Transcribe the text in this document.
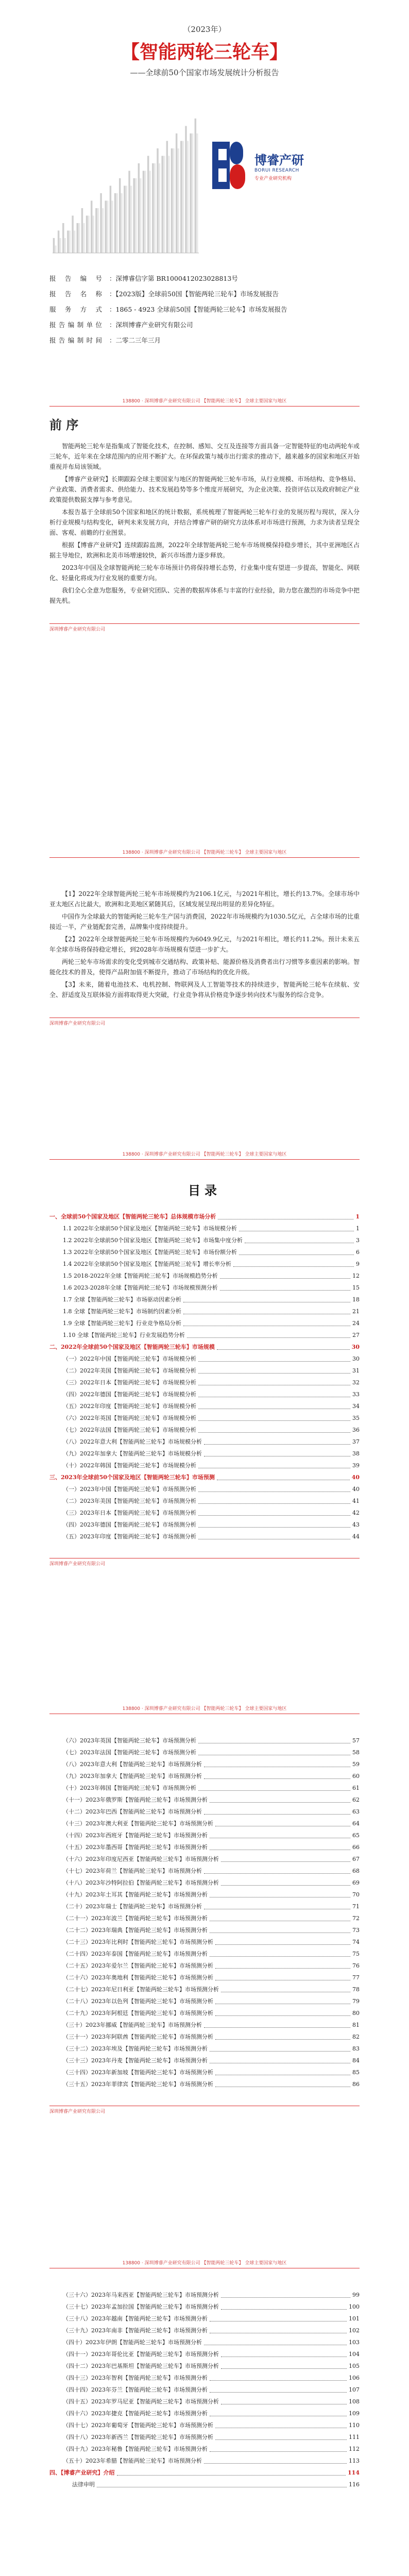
（2023年）
【智能两轮三轮车】
——全球前50个国家市场发展统计分析报告
博睿产研
BORUI RESEARCH
专业产业研究机构
报　告　编　号 ：深博睿信字第 BR1000412023028813号
报 告 名 称 ：【2023版】全球前50国【智能两轮三轮车】市场发展报告
服　务　方　式 ：1865 - 4923 全球前50国【智能两轮三轮车】市场发展报告
报告编制单位 ：深圳博睿产业研究有限公司
报告编制时间 ：二零二三年三月
138800 · 深圳博睿产业研究有限公司 【智能两轮三轮车】 全球主要国家与地区
前 序

智能两轮三轮车是指集成了智能化技术，在控制、感知、交互及连接等方面具备一定智能特征的电动两轮车或三轮车，近年来在全球范围内的应用不断扩大。在环保政策与城市出行需求的推动下，越来越多的国家和地区开始重视并布局该领域。

【博睿产业研究】长期跟踪全球主要国家与地区的智能两轮三轮车市场，从行业规模、市场结构、竞争格局、产业政策、消费者需求、供给能力、技术发展趋势等多个维度开展研究，为企业决策、投资评估以及政府制定产业政策提供数据支撑与参考意见。

本报告基于全球前50个国家和地区的统计数据，系统梳理了智能两轮三轮车行业的发展历程与现状，深入分析行业规模与结构变化，研判未来发展方向，并结合博睿产研的研究方法体系对市场进行预测，力求为读者呈现全面、客观、前瞻的行业图景。

根据【博睿产业研究】连续跟踪监测，2022年全球智能两轮三轮车市场规模保持稳步增长，其中亚洲地区占据主导地位，欧洲和北美市场增速较快，新兴市场潜力逐步释放。

2023年中国及全球智能两轮三轮车市场预计仍将保持增长态势，行业集中度有望进一步提高，智能化、网联化、轻量化将成为行业发展的重要方向。

我们全心全意为您服务，专业研究团队、完善的数据库体系与丰富的行业经验，助力您在激烈的市场竞争中把握先机。

深圳博睿产业研究有限公司
138800 · 深圳博睿产业研究有限公司 【智能两轮三轮车】 全球主要国家与地区

【1】2022年全球智能两轮三轮车市场规模约为2106.1亿元，与2021年相比，增长约13.7%。全球市场中亚太地区占比最大，欧洲和北美地区紧随其后，区域发展呈现出明显的差异化特征。

中国作为全球最大的智能两轮三轮车生产国与消费国，2022年市场规模约为1030.5亿元，占全球市场的比重接近一半，产业链配套完善，品牌集中度持续提升。

【2】2022年全球智能两轮三轮车市场规模约为6049.9亿元，与2021年相比，增长约11.2%。预计未来五年全球市场将保持稳定增长，到2028年市场规模有望进一步扩大。

两轮三轮车市场需求的变化受到城市交通结构、政策补贴、能源价格及消费者出行习惯等多重因素的影响。智能化技术的普及，使得产品附加值不断提升，推动了市场结构的优化升级。

【3】未来，随着电池技术、电机控制、物联网及人工智能等技术的持续进步，智能两轮三轮车在续航、安全、舒适度及互联体验方面将取得更大突破，行业竞争将从价格竞争逐步转向技术与服务的综合竞争。

深圳博睿产业研究有限公司
138800 · 深圳博睿产业研究有限公司 【智能两轮三轮车】 全球主要国家与地区
目录
一、全球前50个国家及地区【智能两轮三轮车】总体规模市场分析	1
1.1 2022年全球前50个国家及地区【智能两轮三轮车】市场规模分析	1
1.2 2022年全球前50个国家及地区【智能两轮三轮车】市场集中度分析	3
1.3 2022年全球前50个国家及地区【智能两轮三轮车】市场份额分析	6
1.4 2022年全球前50个国家及地区【智能两轮三轮车】增长率分析	9
1.5 2018-2022年全球【智能两轮三轮车】市场规模趋势分析	12
1.6 2023-2028年全球【智能两轮三轮车】市场规模预测分析	15
1.7 全球【智能两轮三轮车】市场驱动因素分析	18
1.8 全球【智能两轮三轮车】市场制约因素分析	21
1.9 全球【智能两轮三轮车】行业竞争格局分析	24
1.10 全球【智能两轮三轮车】行业发展趋势分析	27
二、2022年全球前50个国家及地区【智能两轮三轮车】市场规模	30
（一）2022年中国【智能两轮三轮车】市场规模分析	30
（二）2022年美国【智能两轮三轮车】市场规模分析	31
（三）2022年日本【智能两轮三轮车】市场规模分析	32
（四）2022年德国【智能两轮三轮车】市场规模分析	33
（五）2022年印度【智能两轮三轮车】市场规模分析	34
（六）2022年英国【智能两轮三轮车】市场规模分析	35
（七）2022年法国【智能两轮三轮车】市场规模分析	36
（八）2022年意大利【智能两轮三轮车】市场规模分析	37
（九）2022年加拿大【智能两轮三轮车】市场规模分析	38
（十）2022年韩国【智能两轮三轮车】市场规模分析	39
三、2023年全球前50个国家及地区【智能两轮三轮车】市场预测	40
（一）2023年中国【智能两轮三轮车】市场预测分析	40
（二）2023年美国【智能两轮三轮车】市场预测分析	41
（三）2023年日本【智能两轮三轮车】市场预测分析	42
（四）2023年德国【智能两轮三轮车】市场预测分析	43
（五）2023年印度【智能两轮三轮车】市场预测分析	44
深圳博睿产业研究有限公司
138800 · 深圳博睿产业研究有限公司 【智能两轮三轮车】 全球主要国家与地区
（六）2023年英国【智能两轮三轮车】市场预测分析	57
（七）2023年法国【智能两轮三轮车】市场预测分析	58
（八）2023年意大利【智能两轮三轮车】市场预测分析	59
（九）2023年加拿大【智能两轮三轮车】市场预测分析	60
（十）2023年韩国【智能两轮三轮车】市场预测分析	61
（十一）2023年俄罗斯【智能两轮三轮车】市场预测分析	62
（十二）2023年巴西【智能两轮三轮车】市场预测分析	63
（十三）2023年澳大利亚【智能两轮三轮车】市场预测分析	64
（十四）2023年西班牙【智能两轮三轮车】市场预测分析	65
（十五）2023年墨西哥【智能两轮三轮车】市场预测分析	66
（十六）2023年印度尼西亚【智能两轮三轮车】市场预测分析	67
（十七）2023年荷兰【智能两轮三轮车】市场预测分析	68
（十八）2023年沙特阿拉伯【智能两轮三轮车】市场预测分析	69
（十九）2023年土耳其【智能两轮三轮车】市场预测分析	70
（二十）2023年瑞士【智能两轮三轮车】市场预测分析	71
（二十一）2023年波兰【智能两轮三轮车】市场预测分析	72
（二十二）2023年瑞典【智能两轮三轮车】市场预测分析	73
（二十三）2023年比利时【智能两轮三轮车】市场预测分析	74
（二十四）2023年泰国【智能两轮三轮车】市场预测分析	75
（二十五）2023年爱尔兰【智能两轮三轮车】市场预测分析	76
（二十六）2023年奥地利【智能两轮三轮车】市场预测分析	77
（二十七）2023年尼日利亚【智能两轮三轮车】市场预测分析	78
（二十八）2023年以色列【智能两轮三轮车】市场预测分析	79
（二十九）2023年阿根廷【智能两轮三轮车】市场预测分析	80
（三十）2023年挪威【智能两轮三轮车】市场预测分析	81
（三十一）2023年阿联酋【智能两轮三轮车】市场预测分析	82
（三十二）2023年埃及【智能两轮三轮车】市场预测分析	83
（三十三）2023年丹麦【智能两轮三轮车】市场预测分析	84
（三十四）2023年新加坡【智能两轮三轮车】市场预测分析	85
（三十五）2023年菲律宾【智能两轮三轮车】市场预测分析	86
深圳博睿产业研究有限公司
138800 · 深圳博睿产业研究有限公司 【智能两轮三轮车】 全球主要国家与地区
（三十六）2023年马来西亚【智能两轮三轮车】市场预测分析	99
（三十七）2023年孟加拉国【智能两轮三轮车】市场预测分析	100
（三十八）2023年越南【智能两轮三轮车】市场预测分析	101
（三十九）2023年南非【智能两轮三轮车】市场预测分析	102
（四十）2023年伊朗【智能两轮三轮车】市场预测分析	103
（四十一）2023年哥伦比亚【智能两轮三轮车】市场预测分析	104
（四十二）2023年巴基斯坦【智能两轮三轮车】市场预测分析	105
（四十三）2023年智利【智能两轮三轮车】市场预测分析	106
（四十四）2023年芬兰【智能两轮三轮车】市场预测分析	107
（四十五）2023年罗马尼亚【智能两轮三轮车】市场预测分析	108
（四十六）2023年捷克【智能两轮三轮车】市场预测分析	109
（四十七）2023年葡萄牙【智能两轮三轮车】市场预测分析	110
（四十八）2023年新西兰【智能两轮三轮车】市场预测分析	111
（四十九）2023年秘鲁【智能两轮三轮车】市场预测分析	112
（五十）2023年希腊【智能两轮三轮车】市场预测分析	113
四、【博睿产业研究】介绍	114
法律申明	116
